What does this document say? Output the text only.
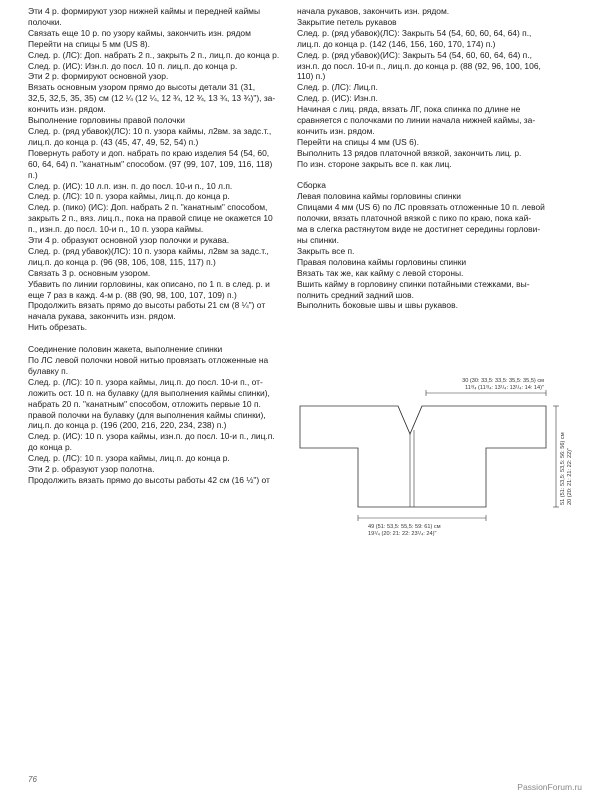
Эти 4 р. формируют узор нижней каймы и передней каймы
полочки.
Связать еще 10 р. по узору каймы, закончить изн. рядом
Перейти на спицы 5 мм (US 8).
След. р. (ЛС): Доп. набрать 2 п., закрыть 2 п., лиц.п. до конца р.
След. р. (ИС): Изн.п. до посл. 10 п. лиц.п. до конца р.
Эти 2 р. формируют основной узор.
Вязать основным узором прямо до высоты детали 31 (31,
32,5, 32,5, 35, 35) см (12 ¼ (12 ¼, 12 ¾, 12 ¾, 13 ¾, 13 ¾)"), за-
кончить изн. рядом.
Выполнение горловины правой полочки
След. р. (ряд убавок)(ЛС): 10 п. узора каймы, л2вм. за задс.т.,
лиц.п. до конца р. (43 (45, 47, 49, 52, 54) п.)
Повернуть работу и доп. набрать по краю изделия 54 (54, 60,
60, 64, 64) п. "канатным" способом. (97 (99, 107, 109, 116, 118)
п.)
След. р. (ИС): 10 л.п. изн. п. до посл. 10-и п., 10 л.п.
След. р. (ЛС): 10 п. узора каймы, лиц.п. до конца р.
След. р. (пико) (ИС): Доп. набрать 2 п. "канатным" способом,
закрыть 2 п., вяз. лиц.п., пока на правой спице не окажется 10
п., изн.п. до посл. 10-и п., 10 п. узора каймы.
Эти 4 р. образуют основной узор полочки и рукава.
След. р. (ряд убавок)(ЛС): 10 п. узора каймы, л2вм за задс.т.,
лиц.п. до конца р. (96 (98, 106, 108, 115, 117) п.)
Связать 3 р. основным узором.
Убавить по линии горловины, как описано, по 1 п. в след. р. и
еще 7 раз в кажд. 4-м р. (88 (90, 98, 100, 107, 109) п.)
Продолжить вязать прямо до высоты работы 21 см (8 ¼") от
начала рукава, закончить изн. рядом.
Нить обрезать.
Соединение половин жакета, выполнение спинки
По ЛС левой полочки новой нитью провязать отложенные на
булавку п.
След. р. (ЛС): 10 п. узора каймы, лиц.п. до посл. 10-и п., от-
ложить ост. 10 п. на булавку (для выполнения каймы спинки),
набрать 20 п. "канатным" способом, отложить первые 10 п.
правой полочки на булавку (для выполнения каймы спинки),
лиц.п. до конца р. (196 (200, 216, 220, 234, 238) п.)
След. р. (ИС): 10 п. узора каймы, изн.п. до посл. 10-и п., лиц.п.
до конца р.
След. р. (ЛС): 10 п. узора каймы, лиц.п. до конца р.
Эти 2 р. образуют узор полотна.
Продолжить вязать прямо до высоты работы 42 см (16 ½") от
начала рукавов, закончить изн. рядом.
Закрытие петель рукавов
След. р. (ряд убавок)(ЛС): Закрыть 54 (54, 60, 60, 64, 64) п.,
лиц.п. до конца р. (142 (146, 156, 160, 170, 174) п.)
След. р. (ряд убавок)(ИС): Закрыть 54 (54, 60, 60, 64, 64) п.,
изн.п. до посл. 10-и п., лиц.п. до конца р. (88 (92, 96, 100, 106,
110) п.)
След. р. (ЛС): Лиц.п.
След. р. (ИС): Изн.п.
Начиная с лиц. ряда, вязать ЛГ, пока спинка по длине не
сравняется с полочками по линии начала нижней каймы, за-
кончить изн. рядом.
Перейти на спицы 4 мм (US 6).
Выполнить 13 рядов платочной вязкой, закончить лиц. р.
По изн. стороне закрыть все п. как лиц.
Сборка
Левая половина каймы горловины спинки
Спицами 4 мм (US 6) по ЛС провязать отложенные 10 п. левой
полочки, вязать платочной вязкой с пико по краю, пока кай-
ма в слегка растянутом виде не достигнет середины горлови-
ны спинки.
Закрыть все п.
Правая половина каймы горловины спинки
Вязать так же, как кайму с левой стороны.
Вшить кайму в горловину спинки потайными стежками, вы-
полнить средний задний шов.
Выполнить боковые швы и швы рукавов.
30 (30: 33,5: 33,5: 35,5: 35,5) см
11³/₄ (11³/₄: 13¹/₄: 13¹/₄: 14: 14)"
51 (51: 53,5: 53,5: 56: 56) см 20 (20: 21: 21: 22: 22)"
49 (51: 53,5: 55,5: 59: 61) см
19¹/₄ (20: 21: 22: 23¹/₄: 24)"
76
PassionForum.ru
